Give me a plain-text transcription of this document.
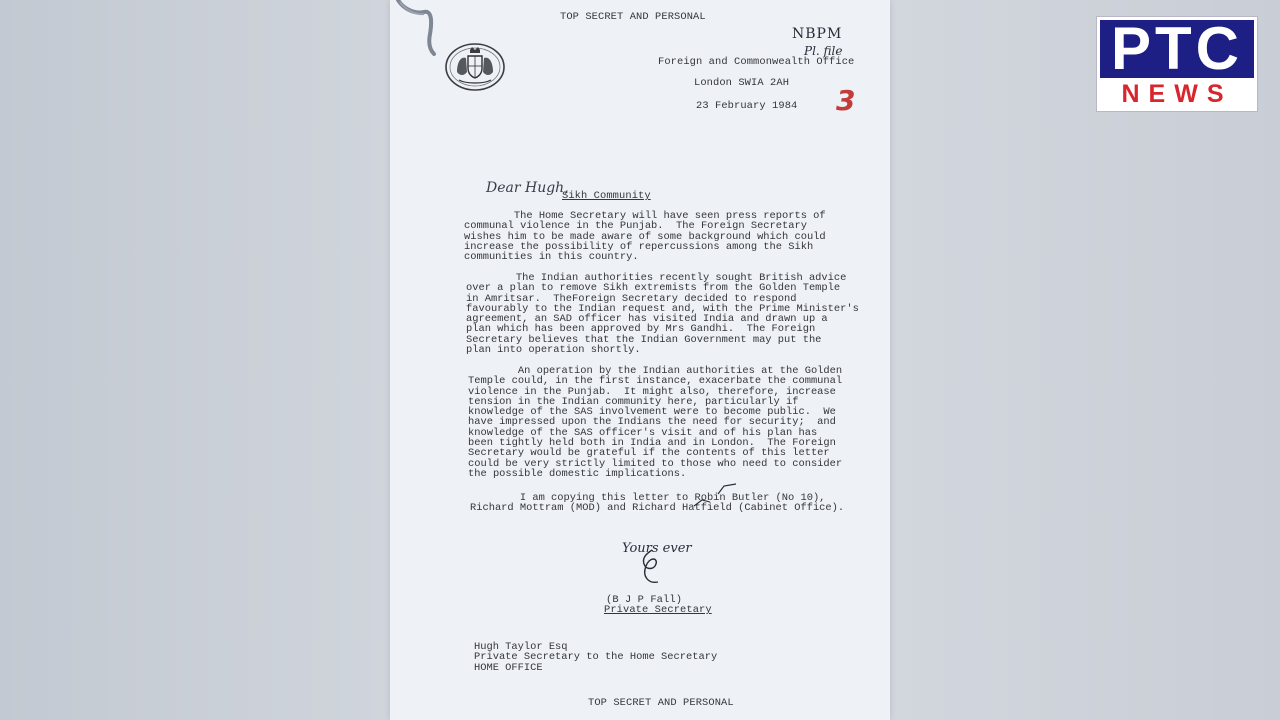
TOP SECRET AND PERSONAL

NBPM

Pl. file

Foreign and Commonwealth Office

London SWIA 2AH

23 February 1984 3

Dear Hugh,

Sikh Community

The Home Secretary will have seen press reports of
communal violence in the Punjab.  The Foreign Secretary
wishes him to be made aware of some background which could
increase the possibility of repercussions among the Sikh
communities in this country.
The Indian authorities recently sought British advice
over a plan to remove Sikh extremists from the Golden Temple
in Amritsar.  TheForeign Secretary decided to respond
favourably to the Indian request and, with the Prime Minister's
agreement, an SAD officer has visited India and drawn up a
plan which has been approved by Mrs Gandhi.  The Foreign
Secretary believes that the Indian Government may put the
plan into operation shortly.
An operation by the Indian authorities at the Golden
Temple could, in the first instance, exacerbate the communal
violence in the Punjab.  It might also, therefore, increase
tension in the Indian community here, particularly if
knowledge of the SAS involvement were to become public.  We
have impressed upon the Indians the need for security;  and
knowledge of the SAS officer's visit and of his plan has
been tightly held both in India and in London.  The Foreign
Secretary would be grateful if the contents of this letter
could be very strictly limited to those who need to consider
the possible domestic implications.
I am copying this letter to Robin Butler (No 10),
Richard Mottram (MOD) and Richard Hatfield (Cabinet Office).

Yours ever

(B J P Fall)

Private Secretary

Hugh Taylor Esq
Private Secretary to the Home Secretary
HOME OFFICE

TOP SECRET AND PERSONAL

PTC
NEWS
